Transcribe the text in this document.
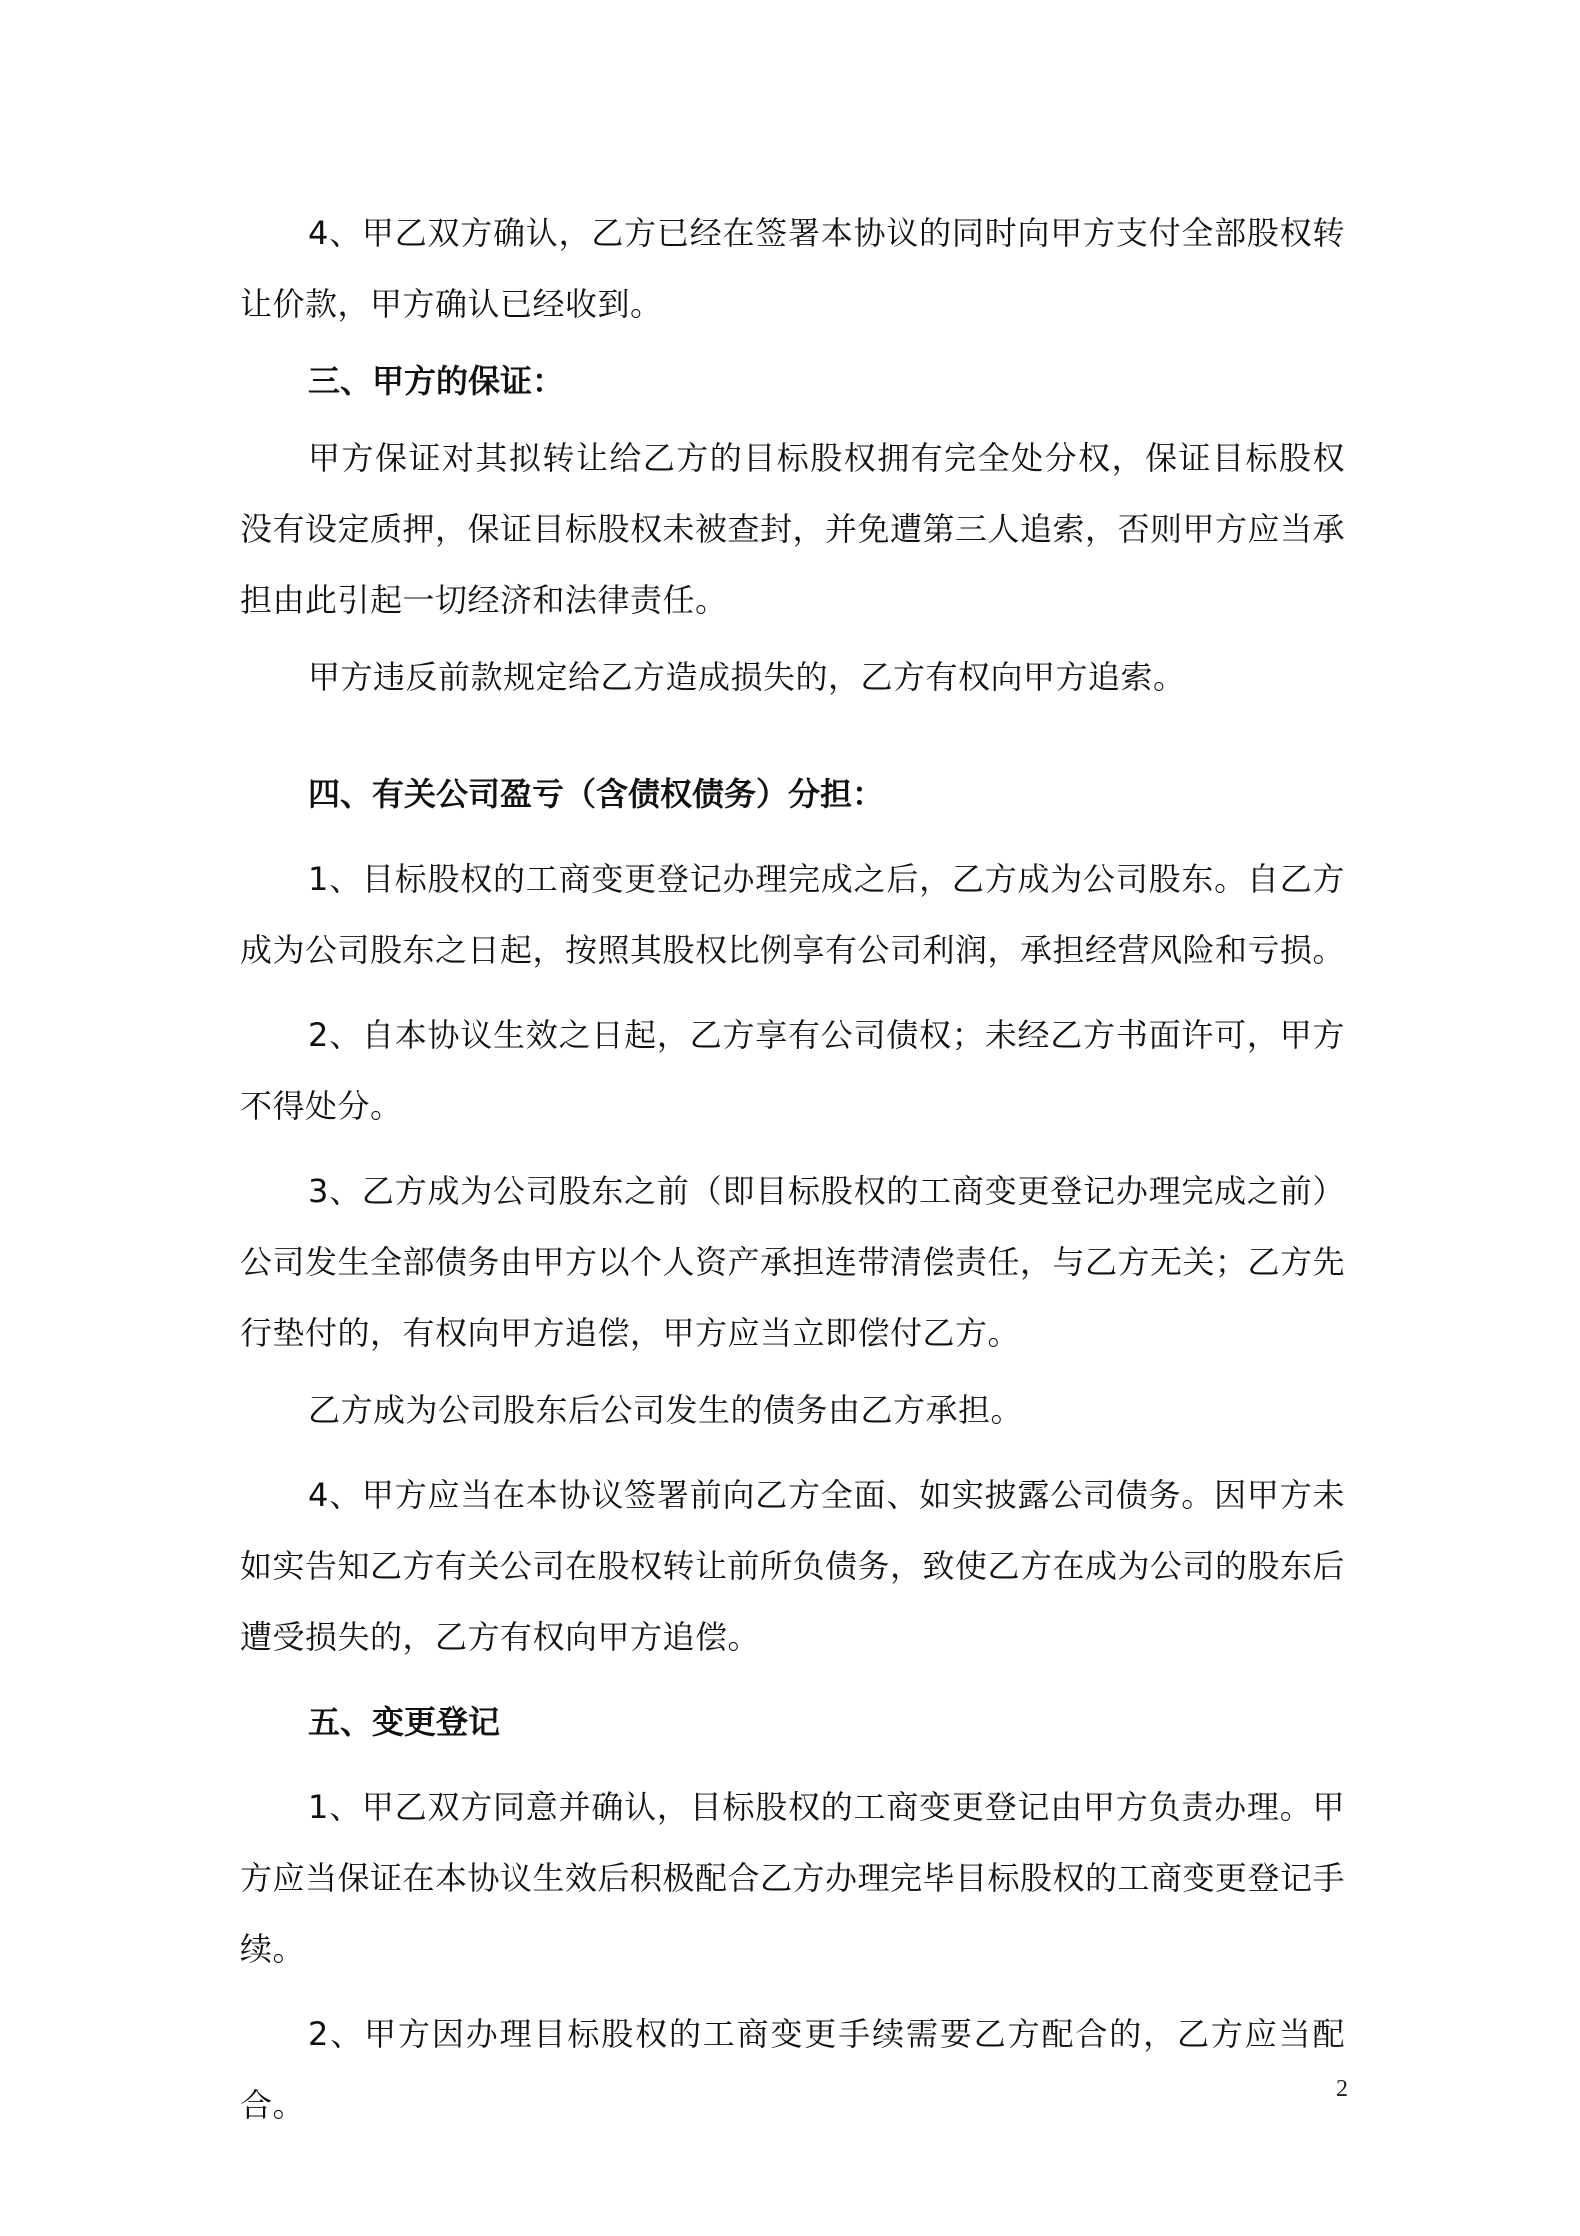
4、甲乙双方确认，乙方已经在签署本协议的同时向甲方支付全部股权转让价款，甲方确认已经收到。

三、甲方的保证：

甲方保证对其拟转让给乙方的目标股权拥有完全处分权，保证目标股权没有设定质押，保证目标股权未被查封，并免遭第三人追索，否则甲方应当承担由此引起一切经济和法律责任。

甲方违反前款规定给乙方造成损失的，乙方有权向甲方追索。

四、有关公司盈亏（含债权债务）分担：

1、目标股权的工商变更登记办理完成之后，乙方成为公司股东。自乙方成为公司股东之日起，按照其股权比例享有公司利润，承担经营风险和亏损。

2、自本协议生效之日起，乙方享有公司债权；未经乙方书面许可，甲方不得处分。

3、乙方成为公司股东之前（即目标股权的工商变更登记办理完成之前）公司发生全部债务由甲方以个人资产承担连带清偿责任，与乙方无关；乙方先行垫付的，有权向甲方追偿，甲方应当立即偿付乙方。

乙方成为公司股东后公司发生的债务由乙方承担。

4、甲方应当在本协议签署前向乙方全面、如实披露公司债务。因甲方未如实告知乙方有关公司在股权转让前所负债务，致使乙方在成为公司的股东后遭受损失的，乙方有权向甲方追偿。

五、变更登记

1、甲乙双方同意并确认，目标股权的工商变更登记由甲方负责办理。甲方应当保证在本协议生效后积极配合乙方办理完毕目标股权的工商变更登记手续。

2、甲方因办理目标股权的工商变更手续需要乙方配合的，乙方应当配合。	2
